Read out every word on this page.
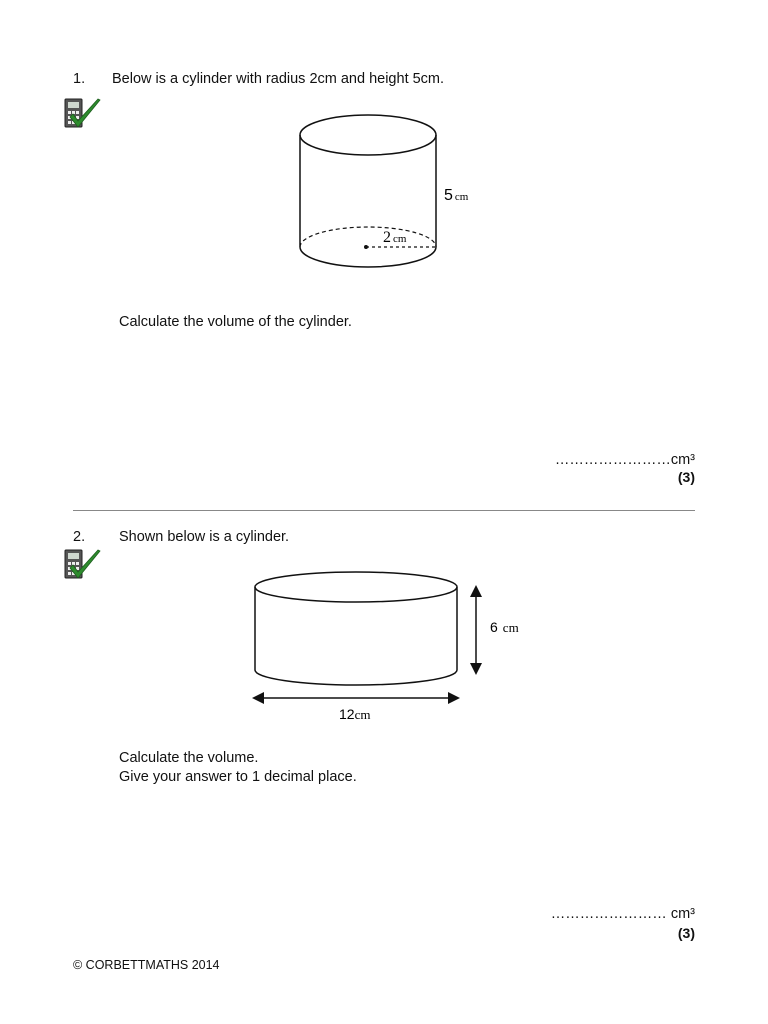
1. Below is a cylinder with radius 2cm and height 5cm.
5 cm
2 cm
Calculate the volume of the cylinder.
……………………cm³
(3)
2. Shown below is a cylinder.
6 cm
12cm
Calculate the volume.
Give your answer to 1 decimal place.
…………………… cm³
(3)
© CORBETTMATHS 2014
